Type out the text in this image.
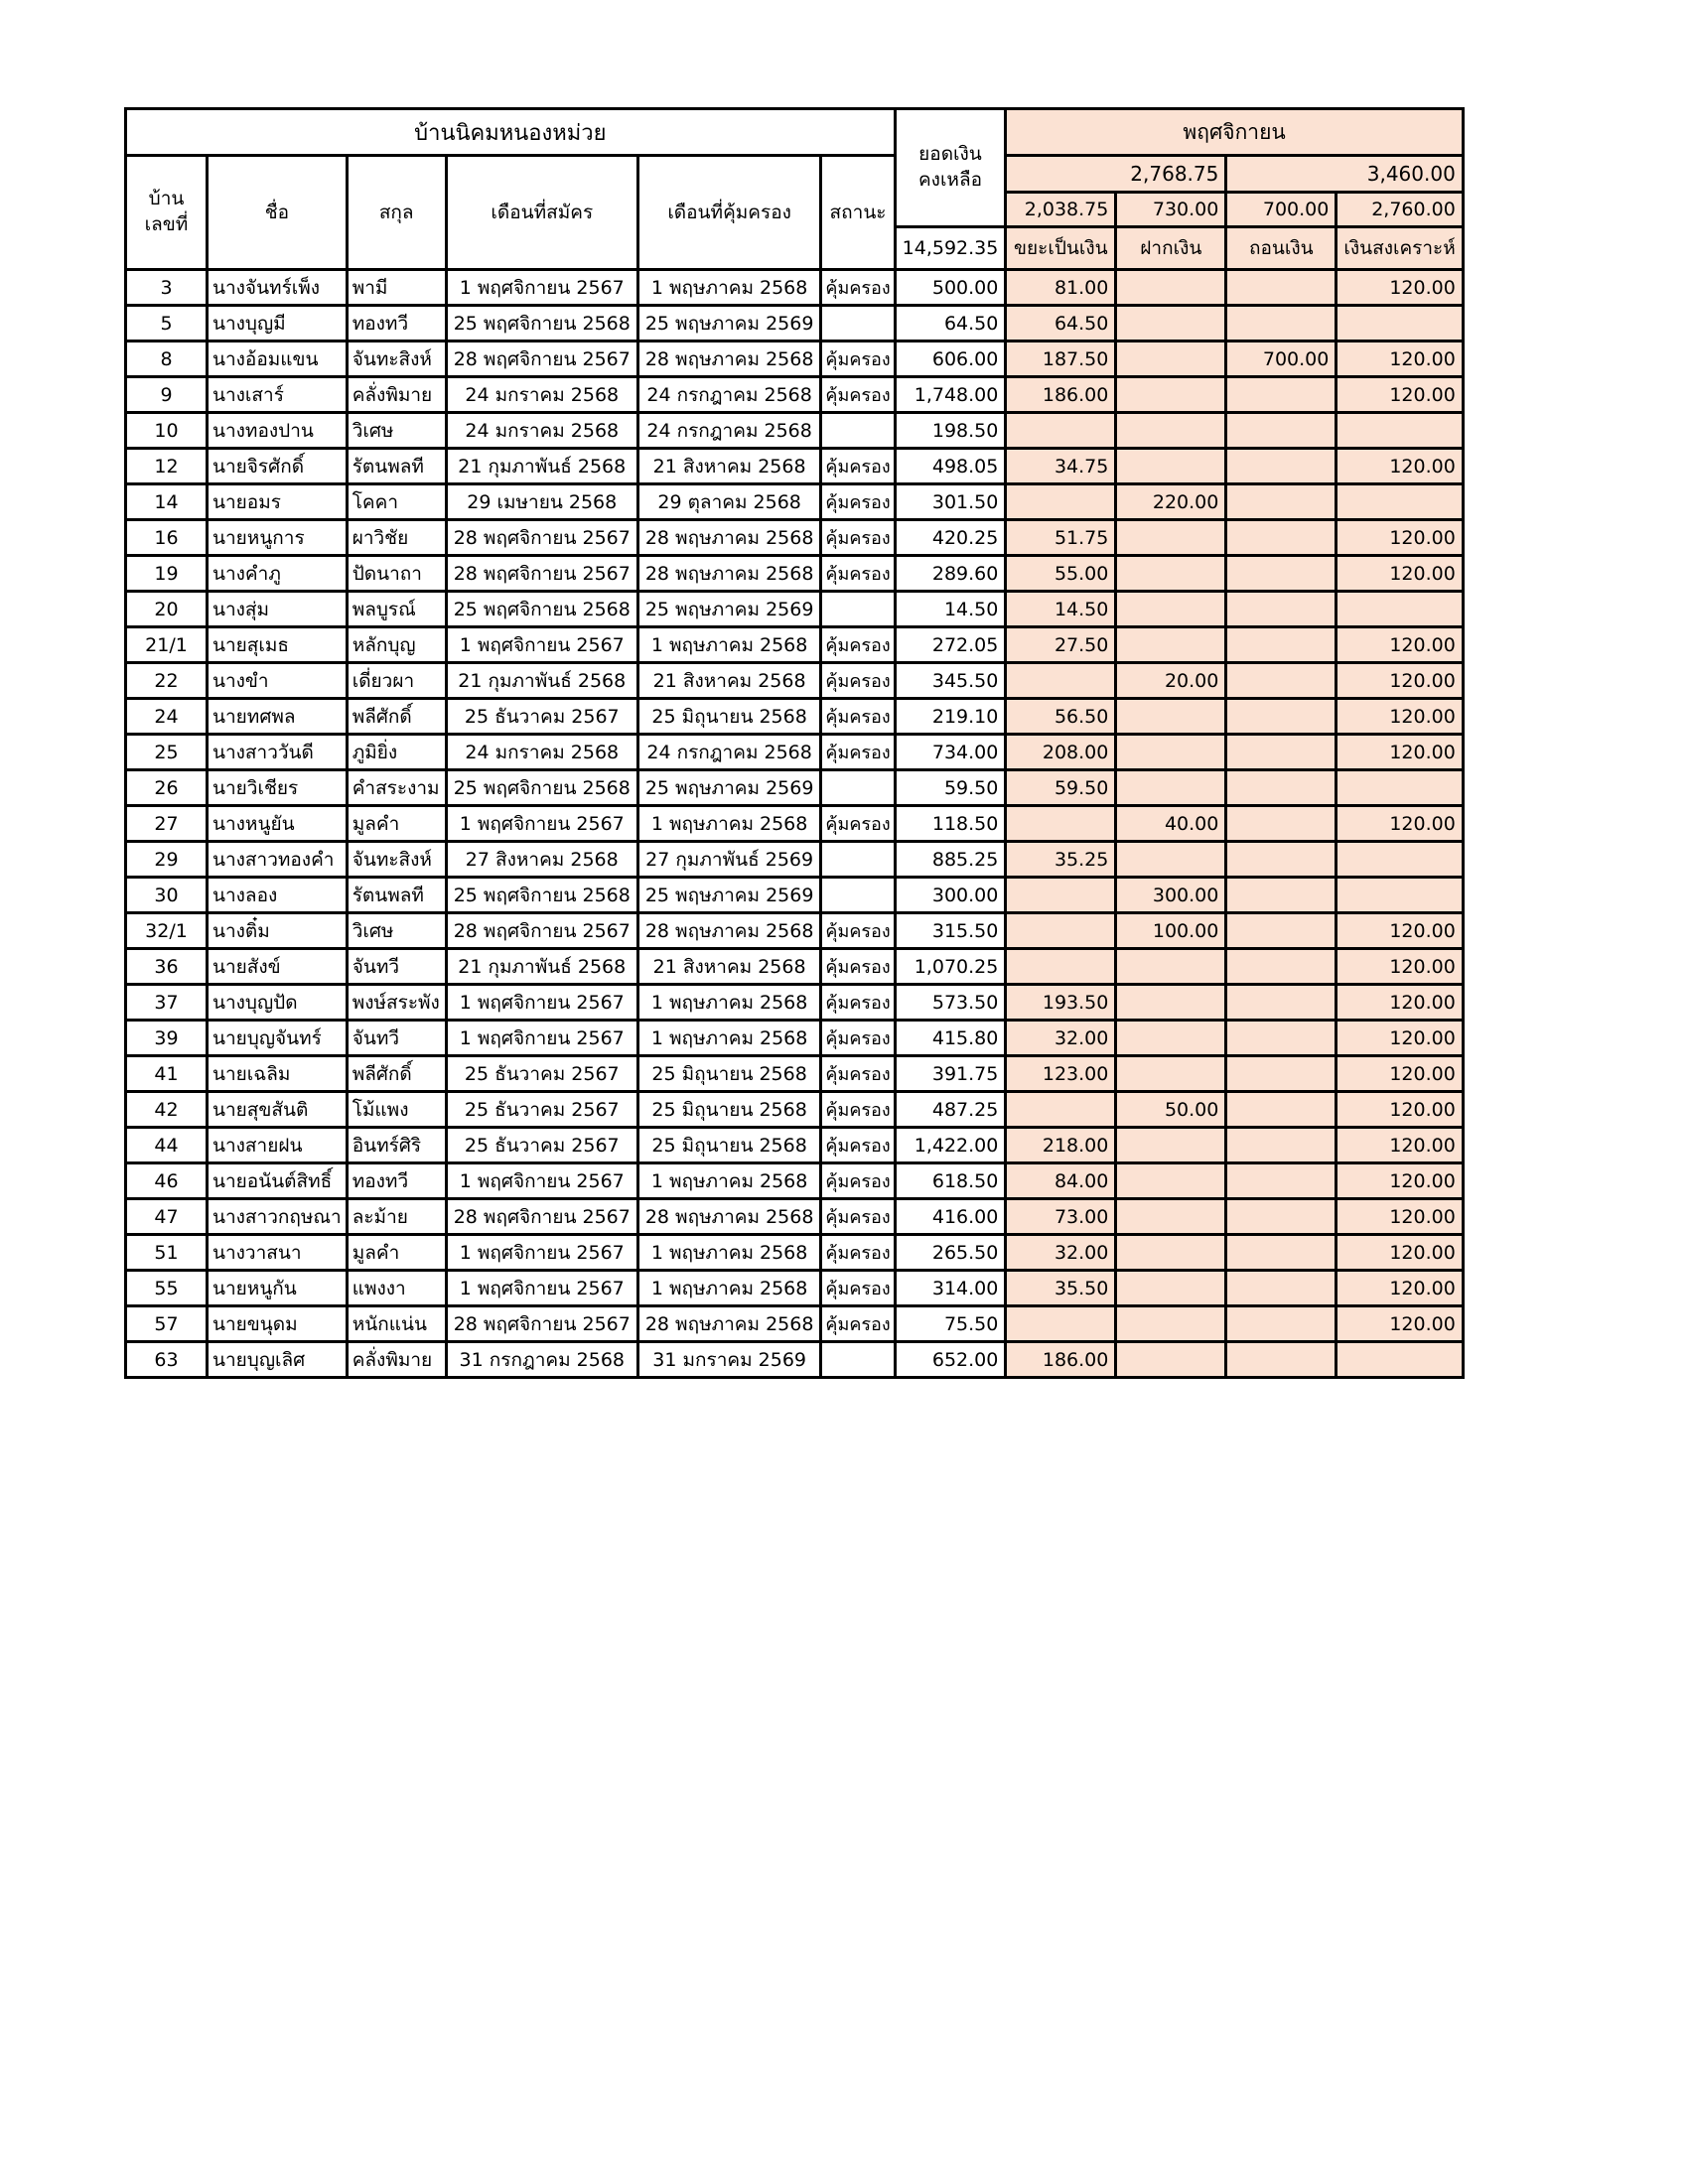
บ้านนิคมหนองหม่วย						ยอดเงิน
คงเหลือ	พฤศจิกายน			

บ้าน
เลขที่	ชื่อ	สกุล	เดือนที่สมัคร	เดือนที่คุ้มครอง	สถานะ		2,768.75		3,460.00	
							2,038.75	730.00	700.00	2,760.00
						14,592.35	ขยะเป็นเงิน	ฝากเงิน	ถอนเงิน	เงินสงเคราะห์
3	นางจันทร์เพ็ง	พามี	1 พฤศจิกายน 2567	1 พฤษภาคม 2568	คุ้มครอง	500.00	81.00			120.00
5	นางบุญมี	ทองทวี	25 พฤศจิกายน 2568	25 พฤษภาคม 2569		64.50	64.50			
8	นางอ้อมแขน	จันทะสิงห์	28 พฤศจิกายน 2567	28 พฤษภาคม 2568	คุ้มครอง	606.00	187.50		700.00	120.00
9	นางเสาร์	คลั่งพิมาย	24 มกราคม 2568	24 กรกฎาคม 2568	คุ้มครอง	1,748.00	186.00			120.00
10	นางทองปาน	วิเศษ	24 มกราคม 2568	24 กรกฎาคม 2568		198.50				
12	นายจิรศักดิ์	รัตนพลที	21 กุมภาพันธ์ 2568	21 สิงหาคม 2568	คุ้มครอง	498.05	34.75			120.00
14	นายอมร	โคคา	29 เมษายน 2568	29 ตุลาคม 2568	คุ้มครอง	301.50		220.00		
16	นายหนูการ	ผาวิชัย	28 พฤศจิกายน 2567	28 พฤษภาคม 2568	คุ้มครอง	420.25	51.75			120.00
19	นางคำภู	ปัดนาถา	28 พฤศจิกายน 2567	28 พฤษภาคม 2568	คุ้มครอง	289.60	55.00			120.00
20	นางสุ่ม	พลบูรณ์	25 พฤศจิกายน 2568	25 พฤษภาคม 2569		14.50	14.50			
21/1	นายสุเมธ	หลักบุญ	1 พฤศจิกายน 2567	1 พฤษภาคม 2568	คุ้มครอง	272.05	27.50			120.00
22	นางขำ	เดี่ยวผา	21 กุมภาพันธ์ 2568	21 สิงหาคม 2568	คุ้มครอง	345.50		20.00		120.00
24	นายทศพล	พลีศักดิ์	25 ธันวาคม 2567	25 มิถุนายน 2568	คุ้มครอง	219.10	56.50			120.00
25	นางสาววันดี	ภูมิยิ่ง	24 มกราคม 2568	24 กรกฎาคม 2568	คุ้มครอง	734.00	208.00			120.00
26	นายวิเชียร	คำสระงาม	25 พฤศจิกายน 2568	25 พฤษภาคม 2569		59.50	59.50			
27	นางหนูยัน	มูลคำ	1 พฤศจิกายน 2567	1 พฤษภาคม 2568	คุ้มครอง	118.50		40.00		120.00
29	นางสาวทองคำ	จันทะสิงห์	27 สิงหาคม 2568	27 กุมภาพันธ์ 2569		885.25	35.25			
30	นางลอง	รัตนพลที	25 พฤศจิกายน 2568	25 พฤษภาคม 2569		300.00		300.00		
32/1	นางติ๋ม	วิเศษ	28 พฤศจิกายน 2567	28 พฤษภาคม 2568	คุ้มครอง	315.50		100.00		120.00
36	นายสังข์	จันทวี	21 กุมภาพันธ์ 2568	21 สิงหาคม 2568	คุ้มครอง	1,070.25				120.00
37	นางบุญปัด	พงษ์สระพัง	1 พฤศจิกายน 2567	1 พฤษภาคม 2568	คุ้มครอง	573.50	193.50			120.00
39	นายบุญจันทร์	จันทวี	1 พฤศจิกายน 2567	1 พฤษภาคม 2568	คุ้มครอง	415.80	32.00			120.00
41	นายเฉลิม	พลีศักดิ์	25 ธันวาคม 2567	25 มิถุนายน 2568	คุ้มครอง	391.75	123.00			120.00
42	นายสุขสันติ	โม้แพง	25 ธันวาคม 2567	25 มิถุนายน 2568	คุ้มครอง	487.25		50.00		120.00
44	นางสายฝน	อินทร์ศิริ	25 ธันวาคม 2567	25 มิถุนายน 2568	คุ้มครอง	1,422.00	218.00			120.00
46	นายอนันต์สิทธิ์	ทองทวี	1 พฤศจิกายน 2567	1 พฤษภาคม 2568	คุ้มครอง	618.50	84.00			120.00
47	นางสาวกฤษณา	ละม้าย	28 พฤศจิกายน 2567	28 พฤษภาคม 2568	คุ้มครอง	416.00	73.00			120.00
51	นางวาสนา	มูลคำ	1 พฤศจิกายน 2567	1 พฤษภาคม 2568	คุ้มครอง	265.50	32.00			120.00
55	นายหนูกัน	แพงงา	1 พฤศจิกายน 2567	1 พฤษภาคม 2568	คุ้มครอง	314.00	35.50			120.00
57	นายขนุดม	หนักแน่น	28 พฤศจิกายน 2567	28 พฤษภาคม 2568	คุ้มครอง	75.50				120.00
63	นายบุญเลิศ	คลั่งพิมาย	31 กรกฎาคม 2568	31 มกราคม 2569		652.00	186.00			
